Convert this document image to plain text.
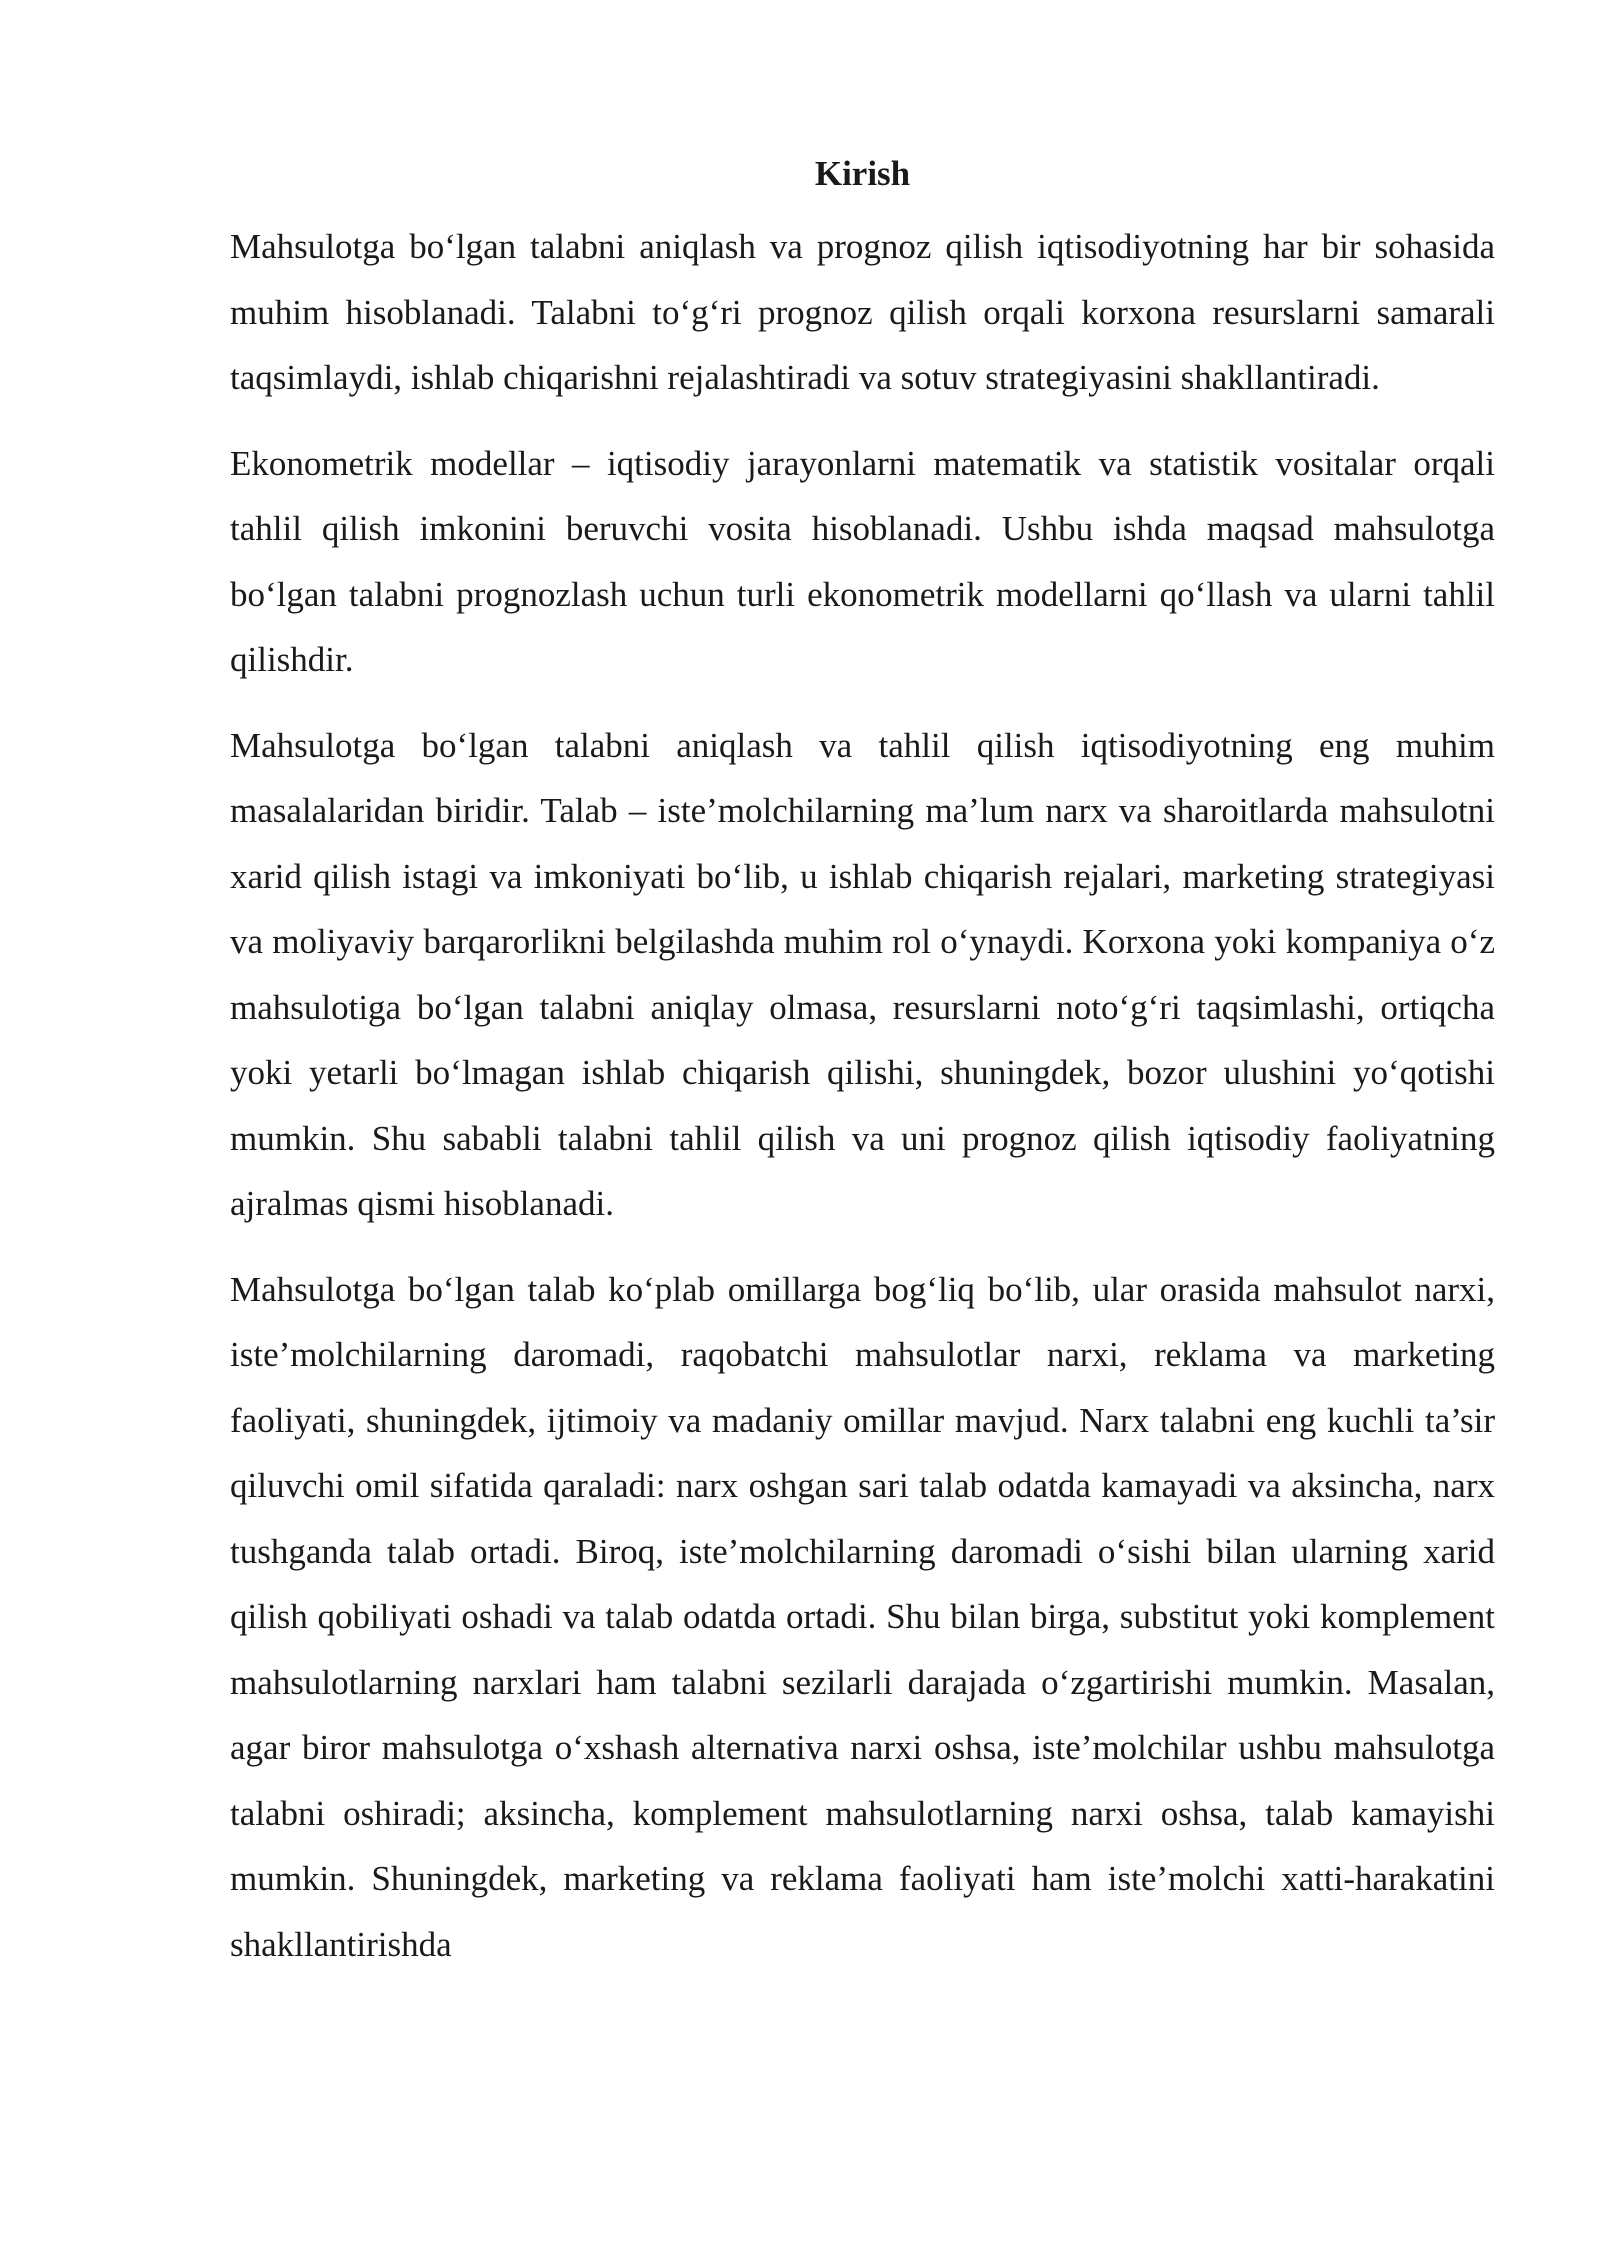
Kirish

Mahsulotga bo‘lgan talabni aniqlash va prognoz qilish iqtisodiyotning har bir sohasida muhim hisoblanadi. Talabni to‘g‘ri prognoz qilish orqali korxona resurslarni samarali taqsimlaydi, ishlab chiqarishni rejalashtiradi va sotuv strategiyasini shakllantiradi.

Ekonometrik modellar – iqtisodiy jarayonlarni matematik va statistik vositalar orqali tahlil qilish imkonini beruvchi vosita hisoblanadi. Ushbu ishda maqsad mahsulotga bo‘lgan talabni prognozlash uchun turli ekonometrik modellarni qo‘llash va ularni tahlil qilishdir.

Mahsulotga bo‘lgan talabni aniqlash va tahlil qilish iqtisodiyotning eng muhim masalalaridan biridir. Talab – iste’molchilarning ma’lum narx va sharoitlarda mahsulotni xarid qilish istagi va imkoniyati bo‘lib, u ishlab chiqarish rejalari, marketing strategiyasi va moliyaviy barqarorlikni belgilashda muhim rol o‘ynaydi. Korxona yoki kompaniya o‘z mahsulotiga bo‘lgan talabni aniqlay olmasa, resurslarni noto‘g‘ri taqsimlashi, ortiqcha yoki yetarli bo‘lmagan ishlab chiqarish qilishi, shuningdek, bozor ulushini yo‘qotishi mumkin. Shu sababli talabni tahlil qilish va uni prognoz qilish iqtisodiy faoliyatning ajralmas qismi hisoblanadi.

Mahsulotga bo‘lgan talab ko‘plab omillarga bog‘liq bo‘lib, ular orasida mahsulot narxi, iste’molchilarning daromadi, raqobatchi mahsulotlar narxi, reklama va marketing faoliyati, shuningdek, ijtimoiy va madaniy omillar mavjud. Narx talabni eng kuchli ta’sir qiluvchi omil sifatida qaraladi: narx oshgan sari talab odatda kamayadi va aksincha, narx tushganda talab ortadi. Biroq, iste’molchilarning daromadi o‘sishi bilan ularning xarid qilish qobiliyati oshadi va talab odatda ortadi. Shu bilan birga, substitut yoki komplement mahsulotlarning narxlari ham talabni sezilarli darajada o‘zgartirishi mumkin. Masalan, agar biror mahsulotga o‘xshash alternativa narxi oshsa, iste’molchilar ushbu mahsulotga talabni oshiradi; aksincha, komplement mahsulotlarning narxi oshsa, talab kamayishi mumkin. Shuningdek, marketing va reklama faoliyati ham iste’molchi xatti-harakatini shakllantirishda
